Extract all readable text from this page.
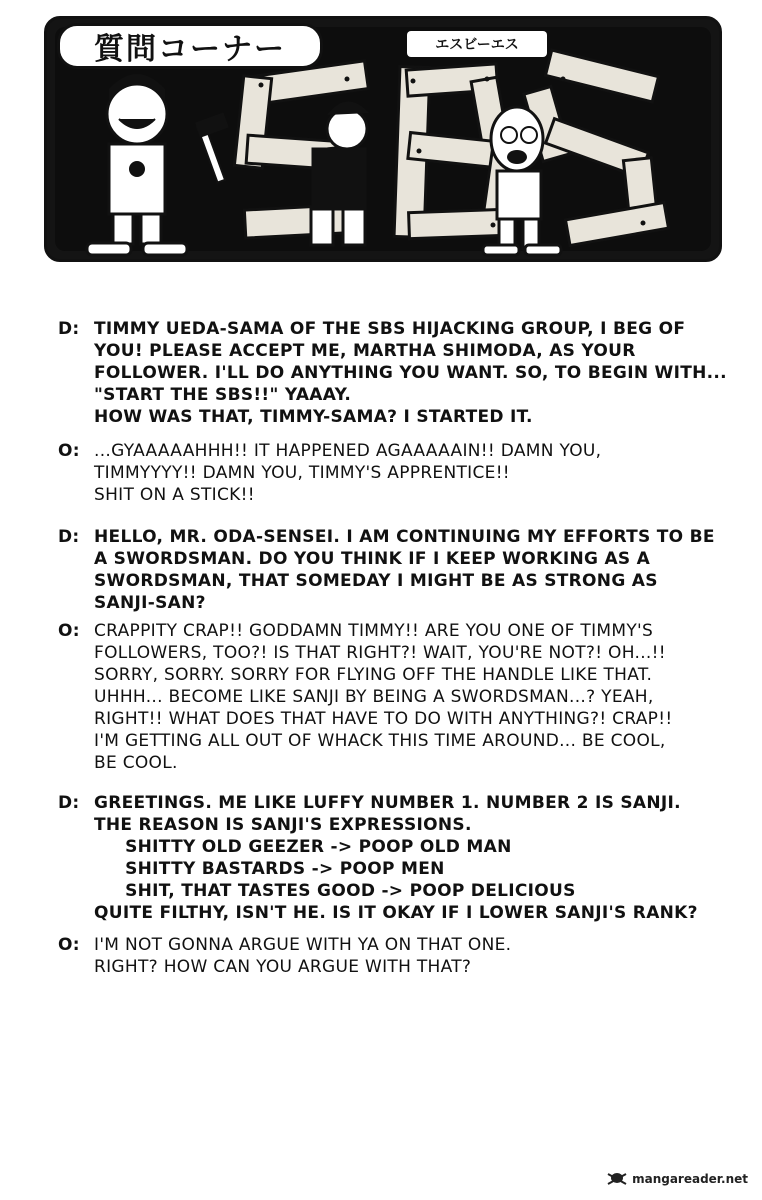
質問コーナー	エスビーエス
D: TIMMY UEDA-SAMA OF THE SBS HIJACKING GROUP, I BEG OF
YOU! PLEASE ACCEPT ME, MARTHA SHIMODA, AS YOUR
FOLLOWER. I'LL DO ANYTHING YOU WANT. SO, TO BEGIN WITH...
"START THE SBS!!" YAAAY.
HOW WAS THAT, TIMMY-SAMA? I STARTED IT.
O: ...GYAAAAAHHH!! IT HAPPENED AGAAAAAIN!! DAMN YOU,
TIMMYYYY!! DAMN YOU, TIMMY'S APPRENTICE!!
SHIT ON A STICK!!
D: HELLO, MR. ODA-SENSEI. I AM CONTINUING MY EFFORTS TO BE
A SWORDSMAN. DO YOU THINK IF I KEEP WORKING AS A
SWORDSMAN, THAT SOMEDAY I MIGHT BE AS STRONG AS
SANJI-SAN?
O: CRAPPITY CRAP!! GODDAMN TIMMY!! ARE YOU ONE OF TIMMY'S
FOLLOWERS, TOO?! IS THAT RIGHT?! WAIT, YOU'RE NOT?! OH...!!
SORRY, SORRY. SORRY FOR FLYING OFF THE HANDLE LIKE THAT.
UHHH... BECOME LIKE SANJI BY BEING A SWORDSMAN...? YEAH,
RIGHT!! WHAT DOES THAT HAVE TO DO WITH ANYTHING?! CRAP!!
I'M GETTING ALL OUT OF WHACK THIS TIME AROUND... BE COOL,
BE COOL.
D: GREETINGS. ME LIKE LUFFY NUMBER 1. NUMBER 2 IS SANJI.
THE REASON IS SANJI'S EXPRESSIONS.
SHITTY OLD GEEZER -> POOP OLD MAN
SHITTY BASTARDS -> POOP MEN
SHIT, THAT TASTES GOOD -> POOP DELICIOUS
QUITE FILTHY, ISN'T HE. IS IT OKAY IF I LOWER SANJI'S RANK?
O: I'M NOT GONNA ARGUE WITH YA ON THAT ONE.
RIGHT? HOW CAN YOU ARGUE WITH THAT?
mangareader.net
